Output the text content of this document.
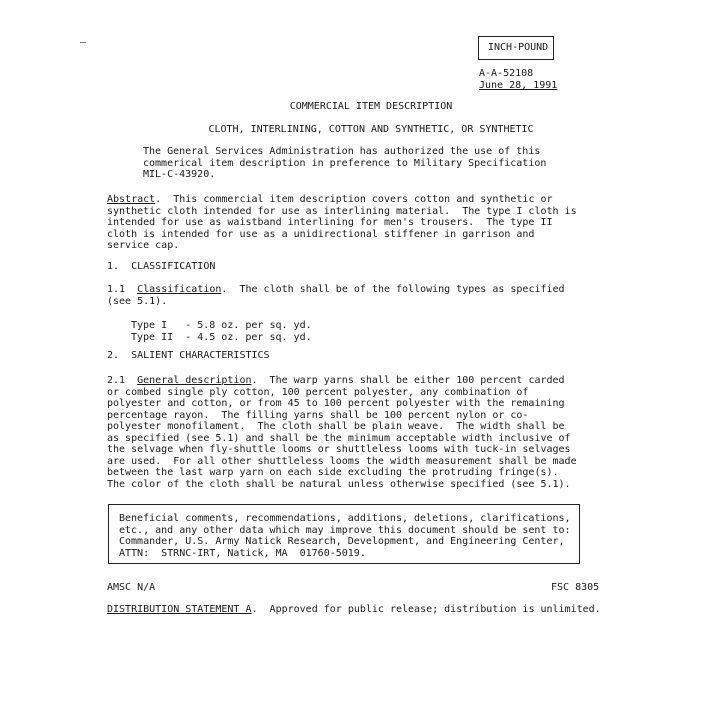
INCH-POUND
A-A-52108
June 28, 1991
COMMERCIAL ITEM DESCRIPTION
CLOTH, INTERLINING, COTTON AND SYNTHETIC, OR SYNTHETIC
The General Services Administration has authorized the use of this
commerical item description in preference to Military Specification
MIL-C-43920.
Abstract.  This commercial item description covers cotton and synthetic or
synthetic cloth intended for use as interlining material.  The type I cloth is
intended for use as waistband interlining for men's trousers.  The type II
cloth is intended for use as a unidirectional stiffener in garrison and
service cap.
1.  CLASSIFICATION
1.1  Classification.  The cloth shall be of the following types as specified
(see 5.1).
Type I   - 5.8 oz. per sq. yd.
Type II  - 4.5 oz. per sq. yd.
2.  SALIENT CHARACTERISTICS
2.1  General description.  The warp yarns shall be either 100 percent carded
or combed single ply cotton, 100 percent polyester, any combination of
polyester and cotton, or from 45 to 100 percent polyester with the remaining
percentage rayon.  The filling yarns shall be 100 percent nylon or co-
polyester monofilament.  The cloth shall be plain weave.  The width shall be
as specified (see 5.1) and shall be the minimum acceptable width inclusive of
the selvage when fly-shuttle looms or shuttleless looms with tuck-in selvages
are used.  For all other shuttleless looms the width measurement shall be made
between the last warp yarn on each side excluding the protruding fringe(s).
The color of the cloth shall be natural unless otherwise specified (see 5.1).
Beneficial comments, recommendations, additions, deletions, clarifications,
etc., and any other data which may improve this document should be sent to:
Commander, U.S. Army Natick Research, Development, and Engineering Center,
ATTN:  STRNC-IRT, Natick, MA  01760-5019.
AMSC N/A	FSC 8305
DISTRIBUTION STATEMENT A.  Approved for public release; distribution is unlimited.
